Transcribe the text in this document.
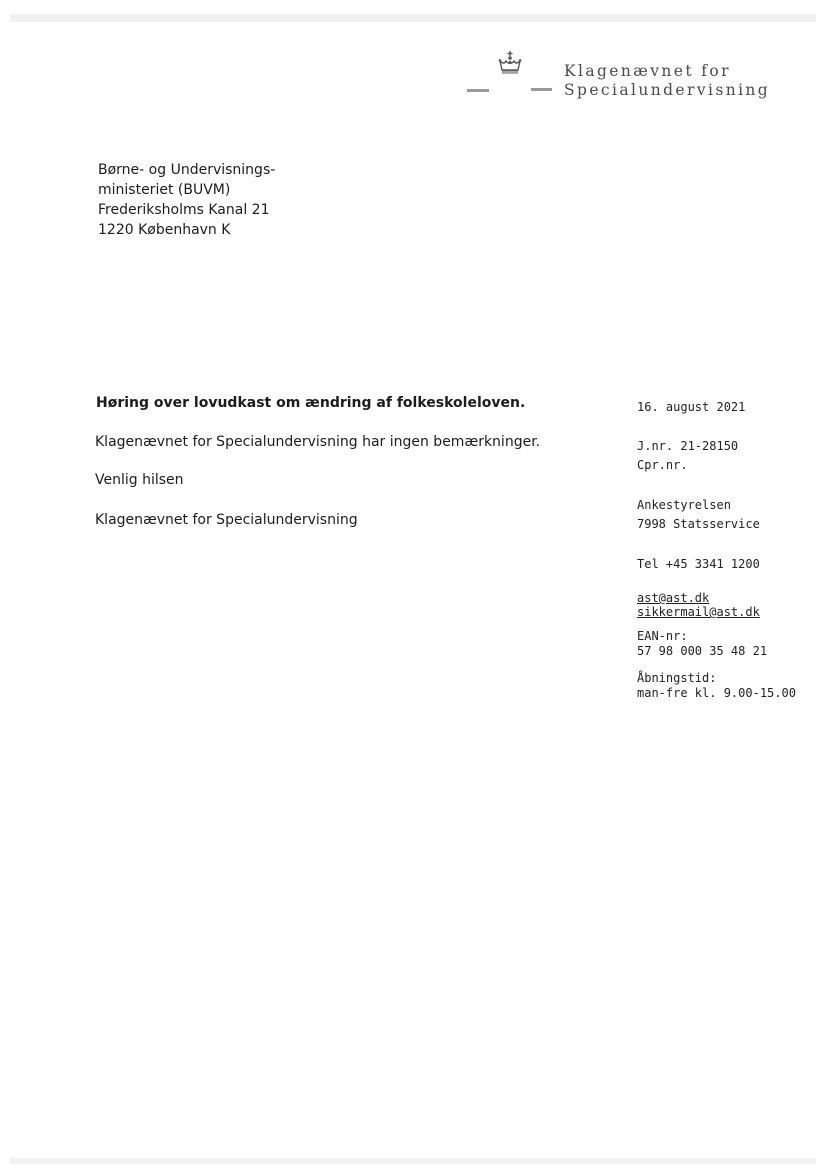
Klagenævnet for
Specialundervisning
Børne- og Undervisnings-
ministeriet (BUVM)
Frederiksholms Kanal 21
1220 København K
Høring over lovudkast om ændring af folkeskoleloven.
Klagenævnet for Specialundervisning har ingen bemærkninger.
Venlig hilsen
Klagenævnet for Specialundervisning
16. august 2021
J.nr. 21-28150
Cpr.nr.
Ankestyrelsen
7998 Statsservice
Tel +45 3341 1200
ast@ast.dk
sikkermail@ast.dk
EAN-nr:
57 98 000 35 48 21
Åbningstid:
man-fre kl. 9.00-15.00
